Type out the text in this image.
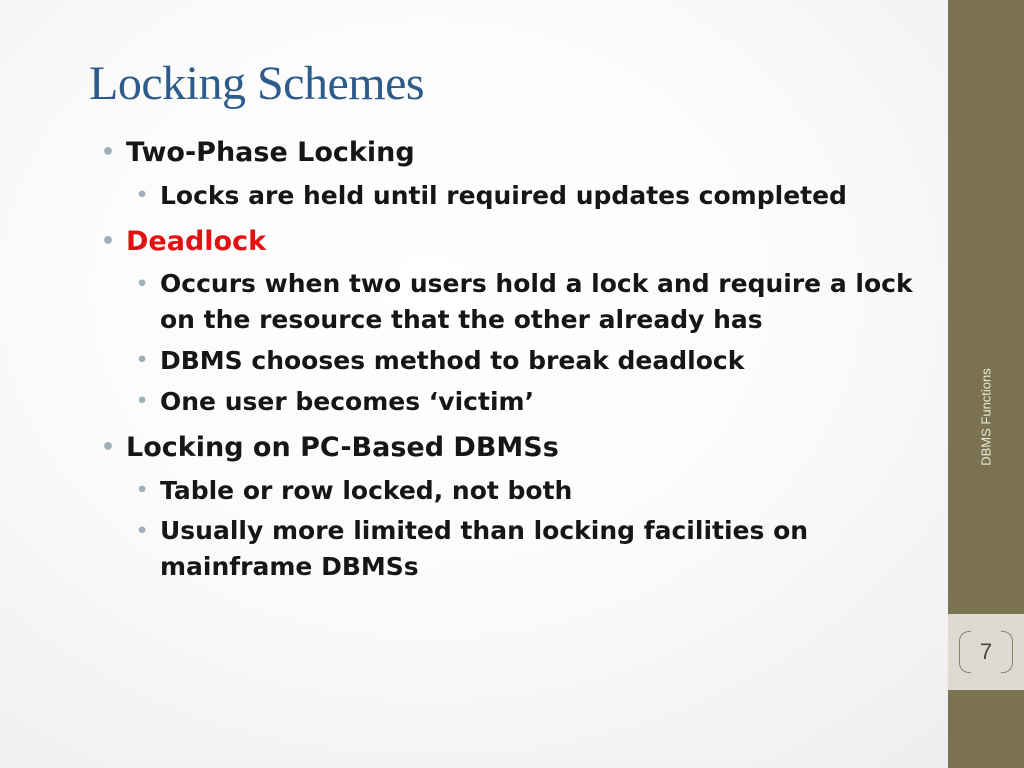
Locking Schemes

• Two-Phase Locking

• Locks are held until required updates completed

• Deadlock

• Occurs when two users hold a lock and require a lock
on the resource that the other already has

• DBMS chooses method to break deadlock

• One user becomes ‘victim’

• Locking on PC-Based DBMSs

• Table or row locked, not both

• Usually more limited than locking facilities on
mainframe DBMSs

DBMS Functions
7
